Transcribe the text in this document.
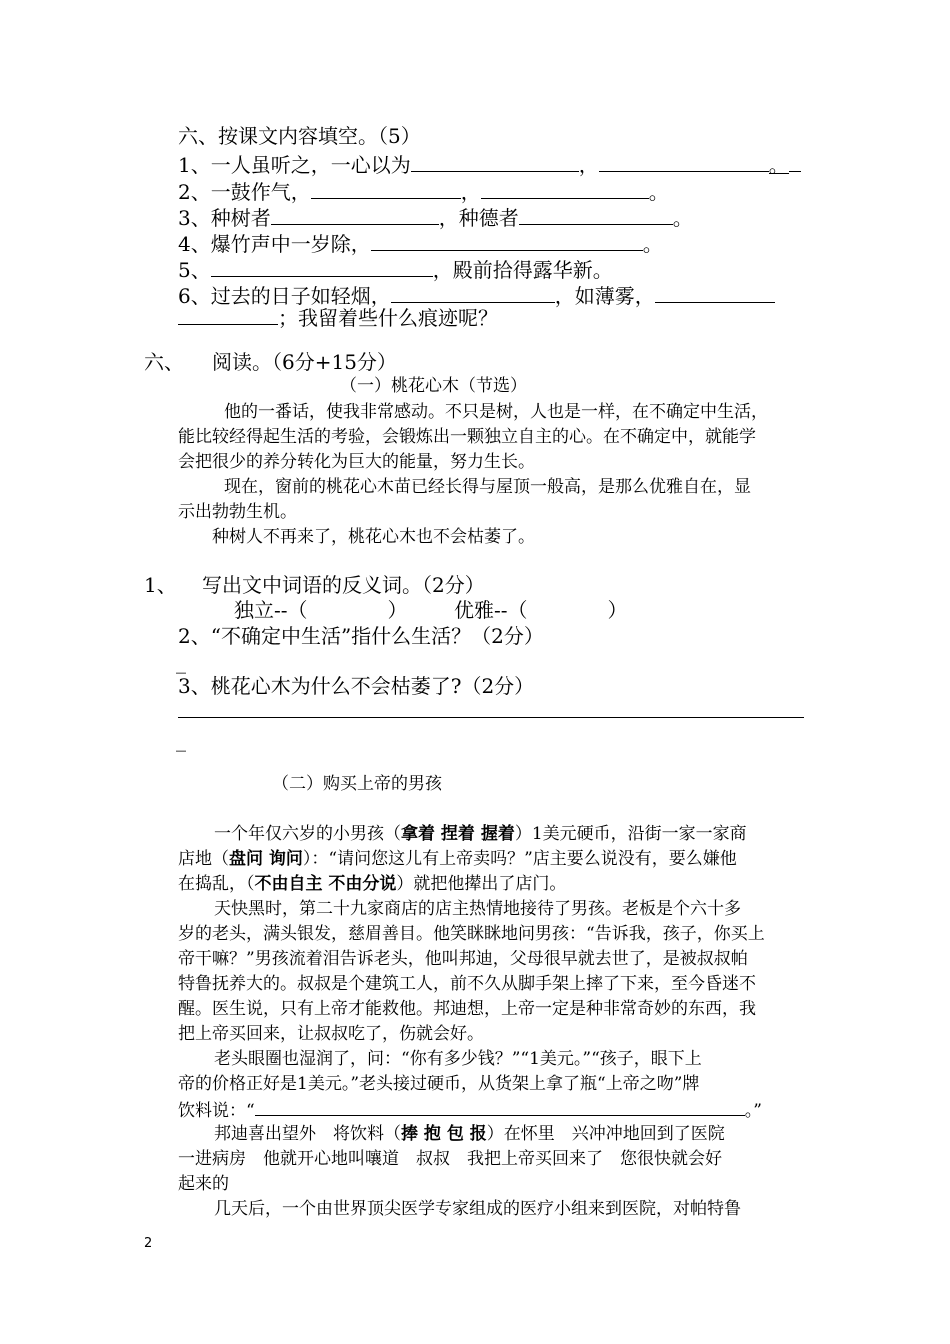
六、按课文内容填空。（5）
1、一人虽听之，一心以为	，	。
2、一鼓作气，	，	。
3、种树者	，种德者	。
4、爆竹声中一岁除，	。
5、	，殿前拾得露华新。
6、过去的日子如轻烟，	，如薄雾，
；我留着些什么痕迹呢？
六、 阅读。（6分+15分）
（一）桃花心木（节选）
他的一番话，使我非常感动。不只是树，人也是一样，在不确定中生活，
能比较经得起生活的考验，会锻炼出一颗独立自主的心。在不确定中，就能学
会把很少的养分转化为巨大的能量，努力生长。
现在，窗前的桃花心木苗已经长得与屋顶一般高，是那么优雅自在，显
示出勃勃生机。
种树人不再来了，桃花心木也不会枯萎了。
1、 写出文中词语的反义词。（2分）
独立--（　　　　） 优雅--（　　　　）
2、“不确定中生活”指什么生活？（2分）
_
3、桃花心木为什么不会枯萎了?（2分）
_
（二）购买上帝的男孩
一个年仅六岁的小男孩（拿着 捏着 握着）1美元硬币，沿街一家一家商
店地（盘问 询问）：“请问您这儿有上帝卖吗？”店主要么说没有，要么嫌他
在捣乱，（不由自主 不由分说）就把他撵出了店门。
天快黑时，第二十九家商店的店主热情地接待了男孩。老板是个六十多
岁的老头，满头银发，慈眉善目。他笑眯眯地问男孩：“告诉我，孩子，你买上
帝干嘛？”男孩流着泪告诉老头，他叫邦迪，父母很早就去世了，是被叔叔帕
特鲁抚养大的。叔叔是个建筑工人，前不久从脚手架上摔了下来，至今昏迷不
醒。医生说，只有上帝才能救他。邦迪想，上帝一定是种非常奇妙的东西，我
把上帝买回来，让叔叔吃了，伤就会好。
老头眼圈也湿润了，问：“你有多少钱？”“1美元。”“孩子，眼下上
帝的价格正好是1美元。”老头接过硬币，从货架上拿了瓶“上帝之吻”牌
饮料说：“	。”
邦迪喜出望外　将饮料（捧 抱 包 报）在怀里　兴冲冲地回到了医院
一进病房　他就开心地叫嚷道　叔叔　我把上帝买回来了　您很快就会好
起来的
几天后，一个由世界顶尖医学专家组成的医疗小组来到医院，对帕特鲁
2
